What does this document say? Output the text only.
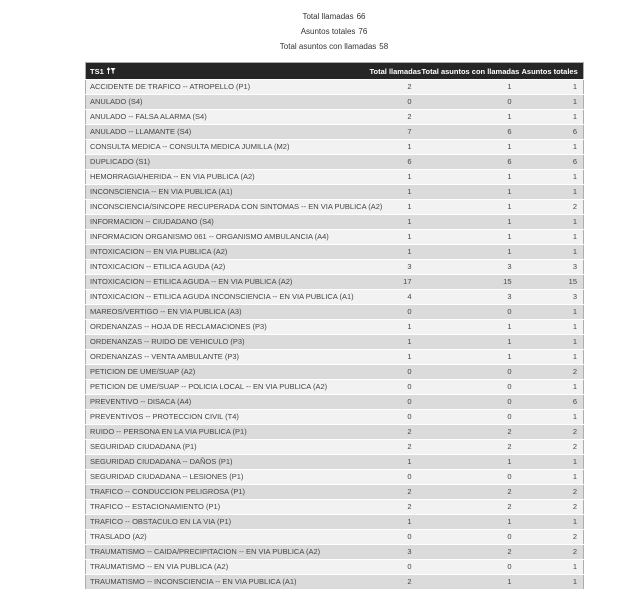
Total llamadas 66
Asuntos totales 76
Total asuntos con llamadas 58
TS1	Total llamadas	Total asuntos con llamadas	Asuntos totales
ACCIDENTE DE TRAFICO -- ATROPELLO (P1)	2	1	1
ANULADO (S4)	0	0	1
ANULADO -- FALSA ALARMA (S4)	2	1	1
ANULADO -- LLAMANTE (S4)	7	6	6
CONSULTA MEDICA -- CONSULTA MEDICA JUMILLA (M2)	1	1	1
DUPLICADO (S1)	6	6	6
HEMORRAGIA/HERIDA -- EN VIA PUBLICA (A2)	1	1	1
INCONSCIENCIA -- EN VIA PUBLICA (A1)	1	1	1
INCONSCIENCIA/SINCOPE RECUPERADA CON SINTOMAS -- EN VIA PUBLICA (A2)	1	1	2
INFORMACION -- CIUDADANO (S4)	1	1	1
INFORMACION ORGANISMO 061 -- ORGANISMO AMBULANCIA (A4)	1	1	1
INTOXICACION -- EN VIA PUBLICA (A2)	1	1	1
INTOXICACION -- ETILICA AGUDA (A2)	3	3	3
INTOXICACION -- ETILICA AGUDA -- EN VIA PUBLICA (A2)	17	15	15
INTOXICACION -- ETILICA AGUDA INCONSCIENCIA -- EN VIA PUBLICA (A1)	4	3	3
MAREOS/VERTIGO -- EN VIA PUBLICA (A3)	0	0	1
ORDENANZAS -- HOJA DE RECLAMACIONES (P3)	1	1	1
ORDENANZAS -- RUIDO DE VEHICULO (P3)	1	1	1
ORDENANZAS -- VENTA AMBULANTE (P3)	1	1	1
PETICION DE UME/SUAP (A2)	0	0	2
PETICION DE UME/SUAP -- POLICIA LOCAL -- EN VIA PUBLICA (A2)	0	0	1
PREVENTIVO -- DISACA (A4)	0	0	6
PREVENTIVOS -- PROTECCION CIVIL (T4)	0	0	1
RUIDO -- PERSONA EN LA VIA PUBLICA (P1)	2	2	2
SEGURIDAD CIUDADANA (P1)	2	2	2
SEGURIDAD CIUDADANA -- DAÑOS (P1)	1	1	1
SEGURIDAD CIUDADANA -- LESIONES (P1)	0	0	1
TRAFICO -- CONDUCCION PELIGROSA (P1)	2	2	2
TRAFICO -- ESTACIONAMIENTO (P1)	2	2	2
TRAFICO -- OBSTACULO EN LA VIA (P1)	1	1	1
TRASLADO (A2)	0	0	2
TRAUMATISMO -- CAIDA/PRECIPITACION -- EN VIA PUBLICA (A2)	3	2	2
TRAUMATISMO -- EN VIA PUBLICA (A2)	0	0	1
TRAUMATISMO -- INCONSCIENCIA -- EN VIA PUBLICA (A1)	2	1	1
